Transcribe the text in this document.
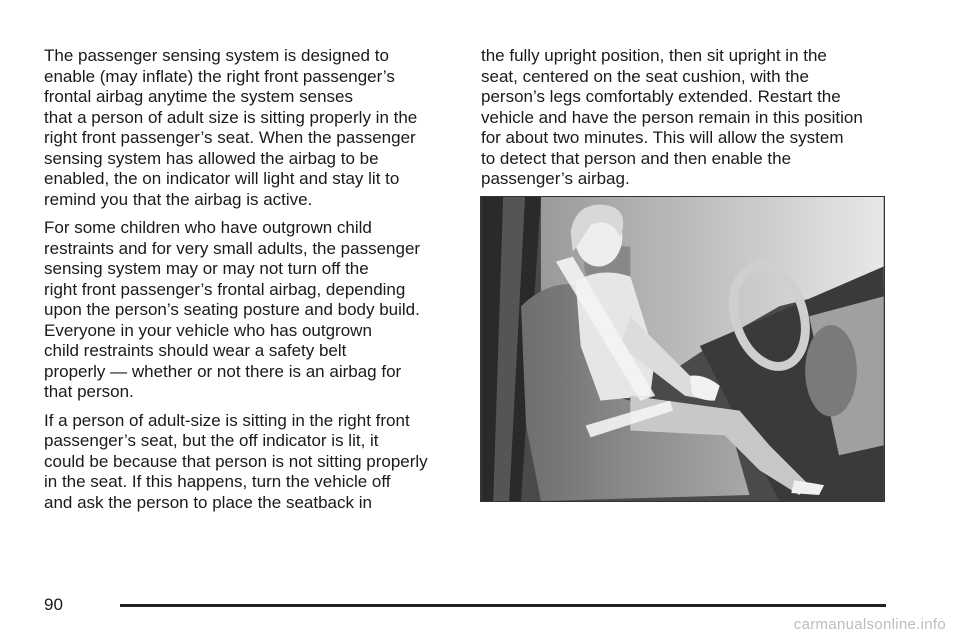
The passenger sensing system is designed to
enable (may inflate) the right front passenger’s
frontal airbag anytime the system senses
that a person of adult size is sitting properly in the
right front passenger’s seat. When the passenger
sensing system has allowed the airbag to be
enabled, the on indicator will light and stay lit to
remind you that the airbag is active.

For some children who have outgrown child
restraints and for very small adults, the passenger
sensing system may or may not turn off the
right front passenger’s frontal airbag, depending
upon the person’s seating posture and body build.
Everyone in your vehicle who has outgrown
child restraints should wear a safety belt
properly — whether or not there is an airbag for
that person.

If a person of adult-size is sitting in the right front
passenger’s seat, but the off indicator is lit, it
could be because that person is not sitting properly
in the seat. If this happens, turn the vehicle off
and ask the person to place the seatback in

the fully upright position, then sit upright in the
seat, centered on the seat cushion, with the
person’s legs comfortably extended. Restart the
vehicle and have the person remain in this position
for about two minutes. This will allow the system
to detect that person and then enable the
passenger’s airbag.

90
carmanualsonline.info
